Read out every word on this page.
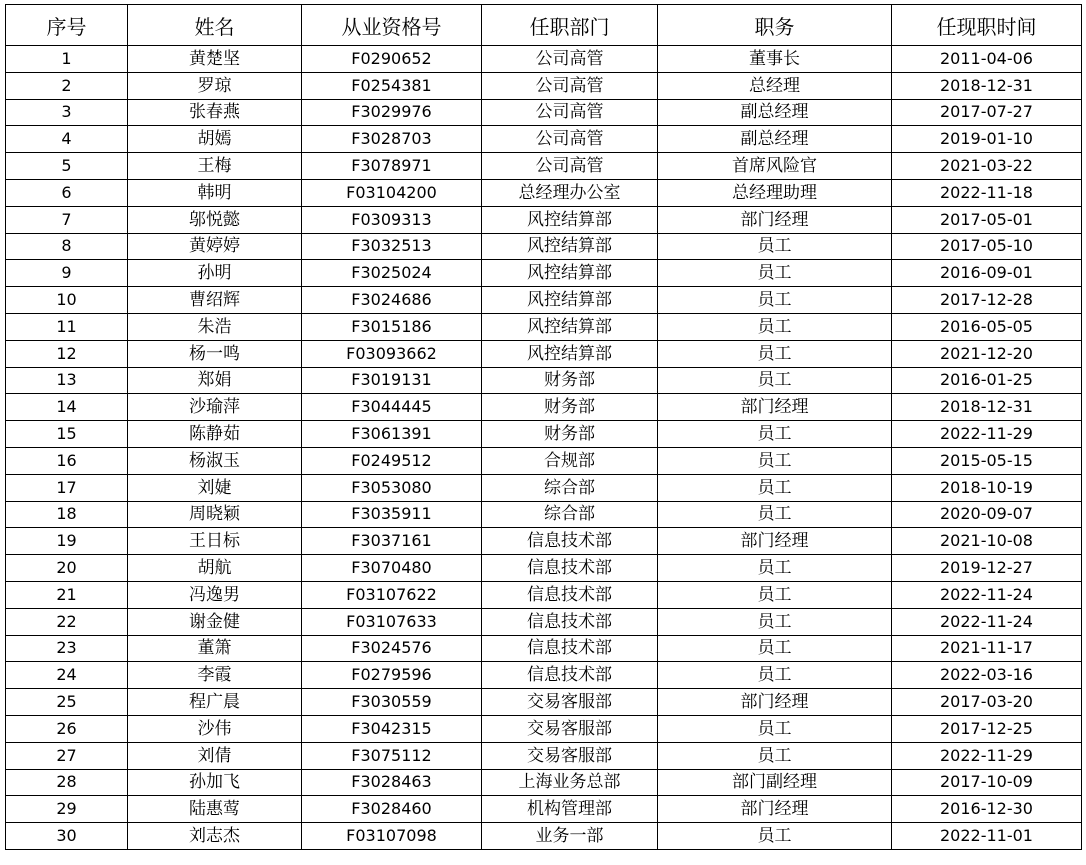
序号	姓名	从业资格号	任职部门	职务	任现职时间
1	黄楚坚	F0290652	公司高管	董事长	2011-04-06
2	罗琼	F0254381	公司高管	总经理	2018-12-31
3	张春燕	F3029976	公司高管	副总经理	2017-07-27
4	胡嫣	F3028703	公司高管	副总经理	2019-01-10
5	王梅	F3078971	公司高管	首席风险官	2021-03-22
6	韩明	F03104200	总经理办公室	总经理助理	2022-11-18
7	邬悦懿	F0309313	风控结算部	部门经理	2017-05-01
8	黄婷婷	F3032513	风控结算部	员工	2017-05-10
9	孙明	F3025024	风控结算部	员工	2016-09-01
10	曹绍辉	F3024686	风控结算部	员工	2017-12-28
11	朱浩	F3015186	风控结算部	员工	2016-05-05
12	杨一鸣	F03093662	风控结算部	员工	2021-12-20
13	郑娟	F3019131	财务部	员工	2016-01-25
14	沙瑜萍	F3044445	财务部	部门经理	2018-12-31
15	陈静茹	F3061391	财务部	员工	2022-11-29
16	杨淑玉	F0249512	合规部	员工	2015-05-15
17	刘婕	F3053080	综合部	员工	2018-10-19
18	周晓颖	F3035911	综合部	员工	2020-09-07
19	王日标	F3037161	信息技术部	部门经理	2021-10-08
20	胡航	F3070480	信息技术部	员工	2019-12-27
21	冯逸男	F03107622	信息技术部	员工	2022-11-24
22	谢金健	F03107633	信息技术部	员工	2022-11-24
23	董箫	F3024576	信息技术部	员工	2021-11-17
24	李霞	F0279596	信息技术部	员工	2022-03-16
25	程广晨	F3030559	交易客服部	部门经理	2017-03-20
26	沙伟	F3042315	交易客服部	员工	2017-12-25
27	刘倩	F3075112	交易客服部	员工	2022-11-29
28	孙加飞	F3028463	上海业务总部	部门副经理	2017-10-09
29	陆惠莺	F3028460	机构管理部	部门经理	2016-12-30
30	刘志杰	F03107098	业务一部	员工	2022-11-01
